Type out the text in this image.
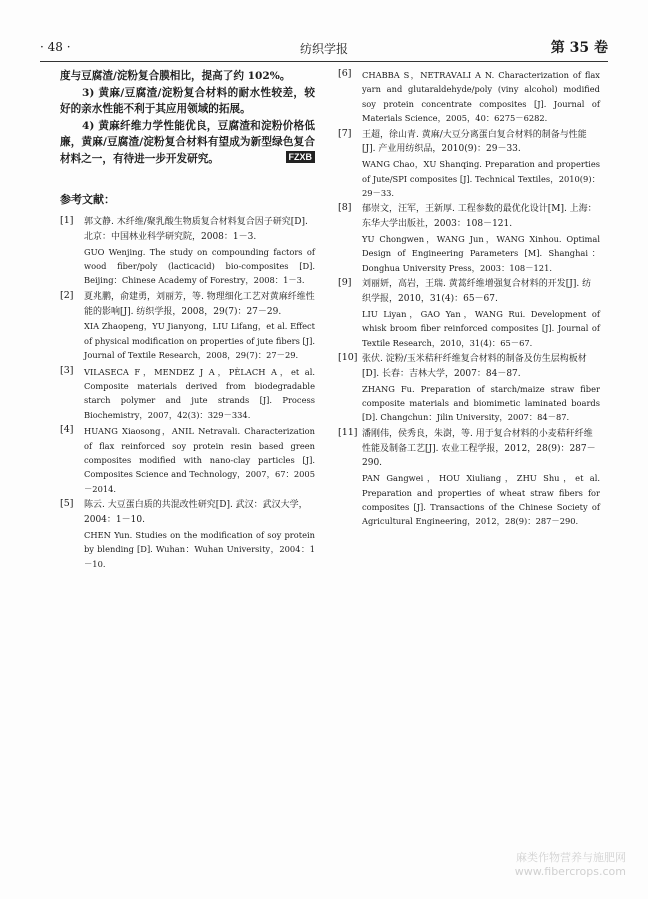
· 48 ·	纺织学报	第 35 卷

度与豆腐渣/淀粉复合膜相比，提高了约 102%。

3) 黄麻/豆腐渣/淀粉复合材料的耐水性较差，较好的亲水性能不利于其应用领域的拓展。

4) 黄麻纤维力学性能优良，豆腐渣和淀粉价格低廉，黄麻/豆腐渣/淀粉复合材料有望成为新型绿色复合材料之一，有待进一步开发研究。	FZXB
参考文献：
[1] 郭文静. 木纤维/聚乳酸生物质复合材料复合因子研究[D]. 北京：中国林业科学研究院，2008：1－3.

GUO Wenjing. The study on compounding factors of wood fiber/poly (lacticacid) bio-composites [D]. Beijing：Chinese Academy of Forestry，2008：1－3.

[2] 夏兆鹏，俞建勇，刘丽芳，等. 物理细化工艺对黄麻纤维性能的影响[J]. 纺织学报，2008，29(7)：27－29.

XIA Zhaopeng，YU Jianyong，LIU Lifang，et al. Effect of physical modification on properties of jute fibers [J]. Journal of Textile Research，2008，29(7)：27－29.

[3] VILASECA F，MENDEZ J A，PÈLACH A，et al. Composite materials derived from biodegradable starch polymer and jute strands [J]. Process Biochemistry，2007，42(3)：329－334.

[4] HUANG Xiaosong，ANIL Netravali. Characterization of flax reinforced soy protein resin based green composites modified with nano-clay particles [J]. Composites Science and Technology，2007，67：2005－2014.

[5] 陈云. 大豆蛋白质的共混改性研究[D]. 武汉：武汉大学，2004：1－10.

CHEN Yun. Studies on the modification of soy protein by blending [D]. Wuhan：Wuhan University，2004：1－10.

[6] CHABBA S，NETRAVALI A N. Characterization of flax yarn and glutaraldehyde/poly (viny alcohol) modified soy protein concentrate composites [J]. Journal of Materials Science，2005，40：6275－6282.

[7] 王超，徐山青. 黄麻/大豆分离蛋白复合材料的制备与性能[J]. 产业用纺织品，2010(9)：29－33.

WANG Chao，XU Shanqing. Preparation and properties of Jute/SPI composites [J]. Technical Textiles，2010(9)：29－33.

[8] 郁崇文，汪军，王新厚. 工程参数的最优化设计[M]. 上海：东华大学出版社，2003：108－121.

YU Chongwen，WANG Jun，WANG Xinhou. Optimal Design of Engineering Parameters [M]. Shanghai：Donghua University Press，2003：108－121.

[9] 刘丽妍，高岩，王瑞. 黄蒿纤维增强复合材料的开发[J]. 纺织学报，2010，31(4)：65－67.

LIU Liyan，GAO Yan，WANG Rui. Development of whisk broom fiber reinforced composites [J]. Journal of Textile Research，2010，31(4)：65－67.

[10] 张伏. 淀粉/玉米秸秆纤维复合材料的制备及仿生层构板材[D]. 长春：吉林大学，2007：84－87.

ZHANG Fu. Preparation of starch/maize straw fiber composite materials and biomimetic laminated boards [D]. Changchun：Jilin University，2007：84－87.

[11] 潘刚伟，侯秀良，朱澍，等. 用于复合材料的小麦秸秆纤维性能及制备工艺[J]. 农业工程学报，2012，28(9)：287－290.

PAN Gangwei，HOU Xiuliang，ZHU Shu，et al. Preparation and properties of wheat straw fibers for composites [J]. Transactions of the Chinese Society of Agricultural Engineering，2012，28(9)：287－290.

麻类作物营养与施肥网
www.fibercrops.com
